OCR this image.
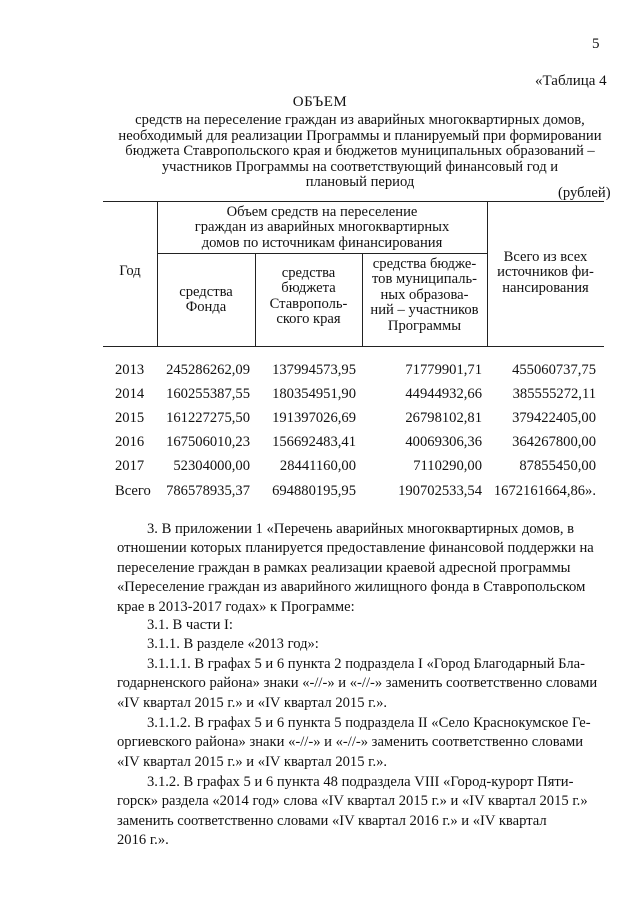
5
«Таблица 4
ОБЪЕМ
средств на переселение граждан из аварийных многоквартирных домов,
необходимый для реализации Программы и планируемый при формировании
бюджета Ставропольского края и бюджетов муниципальных образований –
участников Программы на соответствующий финансовый год и
плановый период
(рублей)
Год
Объем средств на переселение
граждан из аварийных многоквартирных
домов по источникам финансирования
средства
Фонда
средства
бюджета
Ставрополь-
ского края
средства бюдже-
тов муниципаль-
ных образова-
ний – участников
Программы
Всего из всех
источников фи-
нансирования
2013 245286262,09 137994573,95	71779901,71 455060737,75
2014 160255387,55 180354951,90	44944932,66 385555272,11
2015 161227275,50 191397026,69	26798102,81 379422405,00
2016 167506010,23 156692483,41	40069306,36 364267800,00
2017 52304000,00 28441160,00	7110290,00	87855450,00
Всего 786578935,37 694880195,95	190702533,54 1672161664,86».
3. В приложении 1 «Перечень аварийных многоквартирных домов, в
отношении которых планируется предоставление финансовой поддержки на
переселение граждан в рамках реализации краевой адресной программы
«Переселение граждан из аварийного жилищного фонда в Ставропольском
крае в 2013-2017 годах» к Программе:
3.1. В части I:
3.1.1. В разделе «2013 год»:
3.1.1.1. В графах 5 и 6 пункта 2 подраздела I «Город Благодарный Бла-
годарненского района» знаки «-//-» и «-//-» заменить соответственно словами
«IV квартал 2015 г.» и «IV квартал 2015 г.».
3.1.1.2. В графах 5 и 6 пункта 5 подраздела II «Село Краснокумское Ге-
оргиевского района» знаки «-//-» и «-//-» заменить соответственно словами
«IV квартал 2015 г.» и «IV квартал 2015 г.».
3.1.2. В графах 5 и 6 пункта 48 подраздела VIII «Город-курорт Пяти-
горск» раздела «2014 год» слова «IV квартал 2015 г.» и «IV квартал 2015 г.»
заменить соответственно словами «IV квартал 2016 г.» и «IV квартал
2016 г.».
